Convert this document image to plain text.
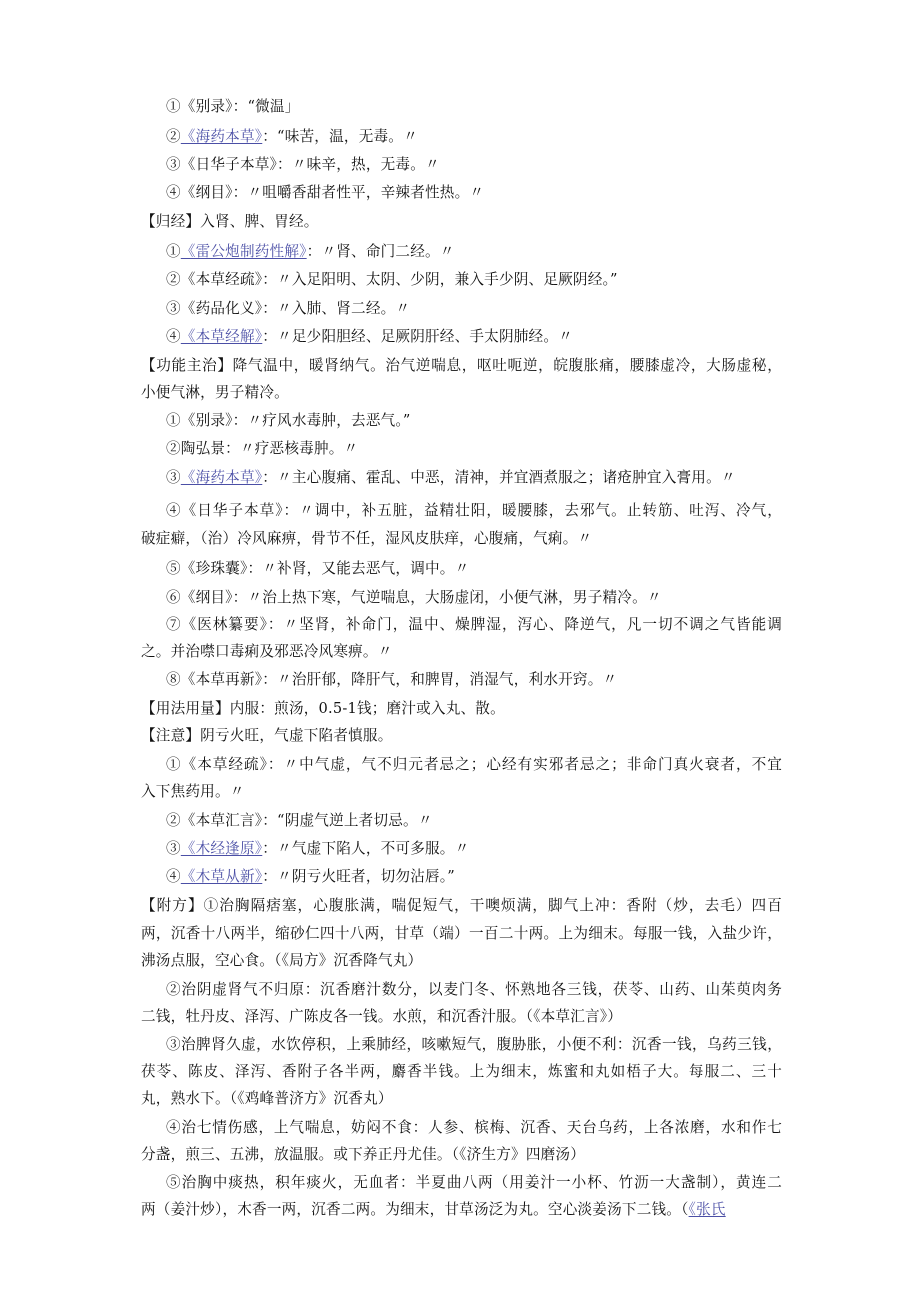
①《别录》：“微温」
②《海药本草》：“味苦，温，无毒。〃
③《日华子本草》：〃味辛，热，无毒。〃
④《纲目》：〃咀嚼香甜者性平，辛辣者性热。〃
【归经】入肾、脾、胃经。
①《雷公炮制药性解》：〃肾、命门二经。〃
②《本草经疏》：〃入足阳明、太阴、少阴，兼入手少阴、足厥阴经。”
③《药品化义》：〃入肺、肾二经。〃
④《本草经解》：〃足少阳胆经、足厥阴肝经、手太阴肺经。〃
【功能主治】降气温中，暖肾纳气。治气逆喘息，呕吐呃逆，皖腹胀痛，腰膝虚冷，大肠虚秘，
小便气淋，男子精冷。
①《别录》：〃疗风水毒肿，去恶气。”
②陶弘景：〃疗恶核毒肿。〃
③《海药本草》：〃主心腹痛、霍乱、中恶，清神，并宜酒煮服之；诸疮肿宜入膏用。〃
④《日华子本草》：〃调中，补五脏，益精壮阳，暖腰膝，去邪气。止转筋、吐泻、冷气，
破症癖，（治）冷风麻痹，骨节不任，湿风皮肤痒，心腹痛，气痢。〃
⑤《珍珠囊》：〃补肾，又能去恶气，调中。〃
⑥《纲目》：〃治上热下寒，气逆喘息，大肠虚闭，小便气淋，男子精冷。〃
⑦《医林纂要》：〃坚肾，补命门，温中、燥脾湿，泻心、降逆气，凡一切不调之气皆能调
之。并治噤口毒痢及邪恶冷风寒痹。〃
⑧《本草再新》：〃治肝郁，降肝气，和脾胃，消湿气，利水开窍。〃
【用法用量】内服：煎汤，0.5-1钱；磨汁或入丸、散。
【注意】阴亏火旺，气虚下陷者慎服。
①《本草经疏》：〃中气虚，气不归元者忌之；心经有实邪者忌之；非命门真火衰者，不宜
入下焦药用。〃
②《本草汇言》：“阴虚气逆上者切忌。〃
③《木经逢原》：〃气虚下陷人，不可多服。〃
④《木草从新》：〃阴亏火旺者，切勿沾唇。”
【附方】①治胸隔痞塞，心腹胀满，喘促短气，干噢烦满，脚气上冲：香附（炒，去毛）四百
两，沉香十八两半，缩砂仁四十八两，甘草（端）一百二十两。上为细末。每服一钱，入盐少许，
沸汤点服，空心食。（《局方》沉香降气丸）
②治阴虚肾气不归原：沉香磨汁数分，以麦门冬、怀熟地各三钱，茯苓、山药、山茱萸肉务
二钱，牡丹皮、泽泻、广陈皮各一钱。水煎，和沉香汁服。（《本草汇言》）
③治脾肾久虚，水饮停积，上乘肺经，咳嗽短气，腹胁胀，小便不利：沉香一钱，乌药三钱，
茯苓、陈皮、泽泻、香附子各半两，麝香半钱。上为细末，炼蜜和丸如梧子大。每服二、三十
丸，熟水下。（《鸡峰普济方》沉香丸）
④治七情伤感，上气喘息，妨闷不食：人参、槟梅、沉香、天台乌药，上各浓磨，水和作七
分盏，煎三、五沸，放温服。或下养正丹尤佳。（《济生方》四磨汤）
⑤治胸中痰热，积年痰火，无血者：半夏曲八两（用姜汁一小杯、竹沥一大盏制），黄连二
两（姜汁炒），木香一两，沉香二两。为细末，甘草汤泛为丸。空心淡姜汤下二钱。（《张氏
